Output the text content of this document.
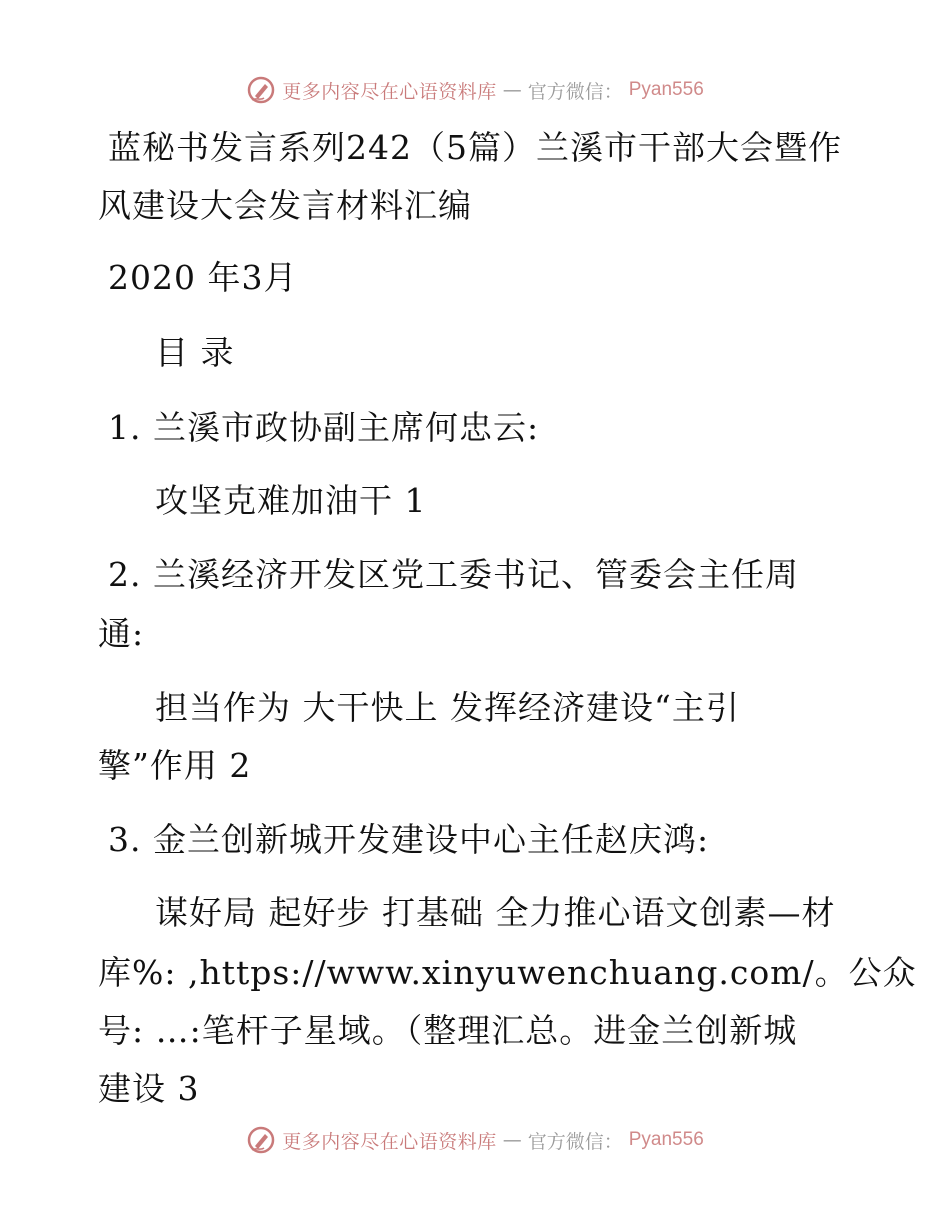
更多内容尽在心语资料库 — 官方微信： Pyan556
蓝秘书发言系列242（5篇）兰溪市干部大会暨作
风建设大会发言材料汇编
2020 年3月
目 录
1. 兰溪市政协副主席何忠云:
攻坚克难加油干 1
2. 兰溪经济开发区党工委书记、管委会主任周
通:
担当作为 大干快上 发挥经济建设“主引
擎”作用 2
3. 金兰创新城开发建设中心主任赵庆鸿:
谋好局 起好步 打基础 全力推心语文创素—材
库%: ,https://www.xinyuwenchuang.com/。公众
号: …:笔杆子星域。（整理汇总。进金兰创新城
建设 3
更多内容尽在心语资料库 — 官方微信： Pyan556
